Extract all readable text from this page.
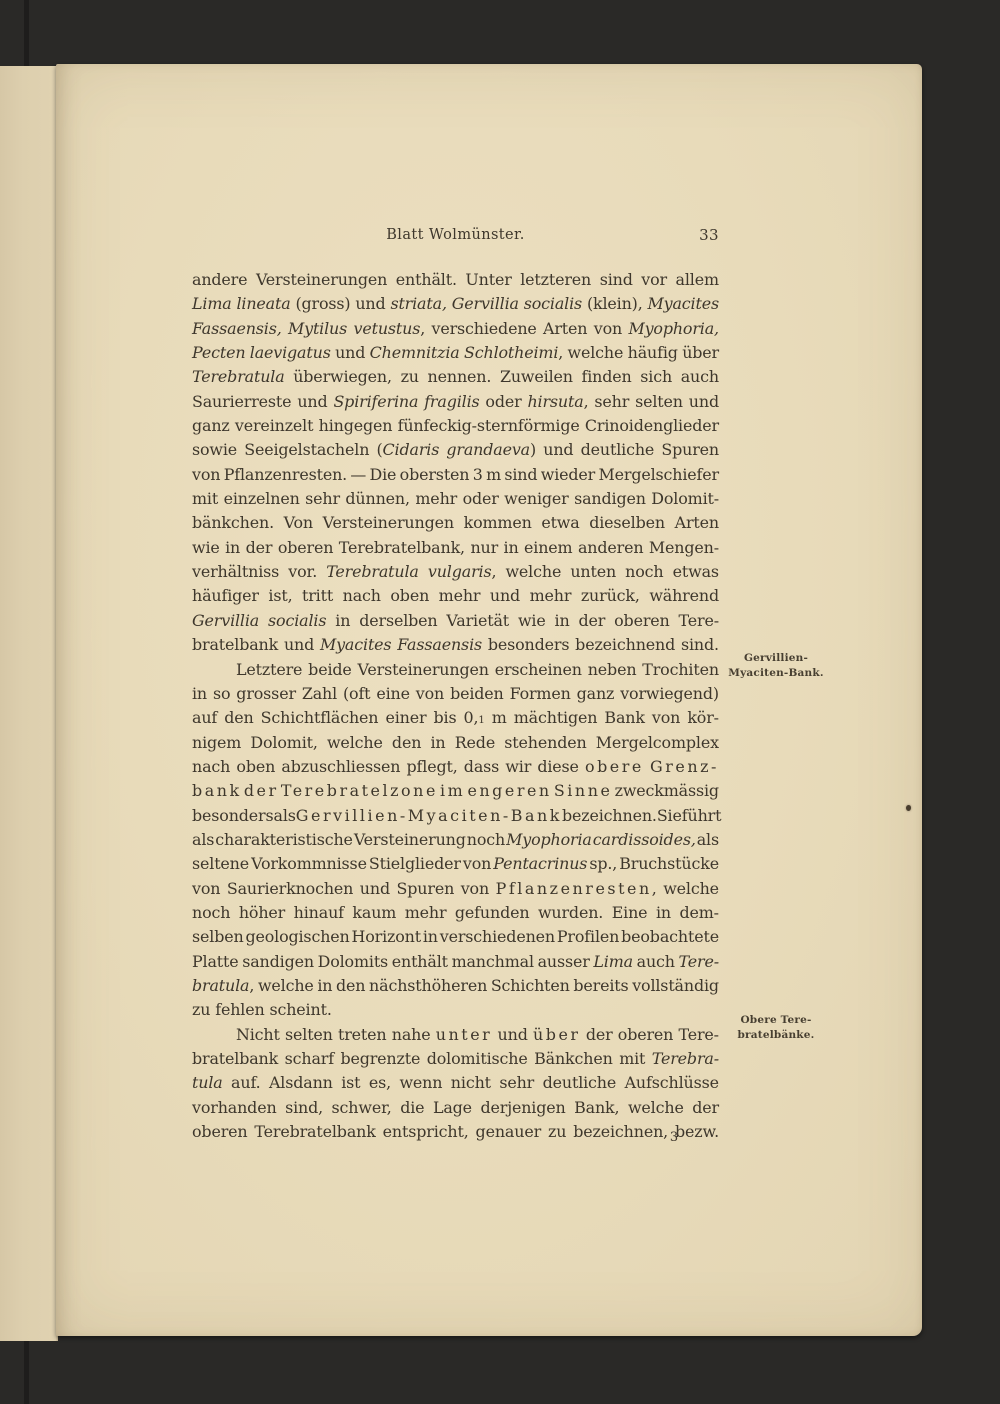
Blatt Wolmünster.	33
andere Versteinerungen enthält. Unter letzteren sind vor allem
Lima lineata (gross) und striata, Gervillia socialis (klein), Myacites
Fassaensis, Mytilus vetustus, verschiedene Arten von Myophoria,
Pecten laevigatus und Chemnitzia Schlotheimi, welche häufig über
Terebratula überwiegen, zu nennen. Zuweilen finden sich auch
Saurierreste und Spiriferina fragilis oder hirsuta, sehr selten und
ganz vereinzelt hingegen fünfeckig-sternförmige Crinoidenglieder
sowie Seeigelstacheln (Cidaris grandaeva) und deutliche Spuren
von Pflanzenresten. — Die obersten 3 m sind wieder Mergelschiefer
mit einzelnen sehr dünnen, mehr oder weniger sandigen Dolomit-
bänkchen. Von Versteinerungen kommen etwa dieselben Arten
wie in der oberen Terebratelbank, nur in einem anderen Mengen-
verhältniss vor. Terebratula vulgaris, welche unten noch etwas
häufiger ist, tritt nach oben mehr und mehr zurück, während
Gervillia socialis in derselben Varietät wie in der oberen Tere-
bratelbank und Myacites Fassaensis besonders bezeichnend sind.
Letztere beide Versteinerungen erscheinen neben Trochiten
in so grosser Zahl (oft eine von beiden Formen ganz vorwiegend)
auf den Schichtflächen einer bis 0,1 m mächtigen Bank von kör-
nigem Dolomit, welche den in Rede stehenden Mergelcomplex
nach oben abzuschliessen pflegt, dass wir diese obere Grenz-
bank der Terebratelzone im engeren Sinne zweckmässig
besonders als Gervillien- Myaciten-Bank bezeichnen. Sie führt
als charakteristische Versteinerung noch Myophoria cardissoides, als
seltene Vorkommnisse Stielglieder von Pentacrinus sp., Bruchstücke
von Saurierknochen und Spuren von Pflanzenresten, welche
noch höher hinauf kaum mehr gefunden wurden. Eine in dem-
selben geologischen Horizont in verschiedenen Profilen beobachtete
Platte sandigen Dolomits enthält manchmal ausser Lima auch Tere-
bratula, welche in den nächsthöheren Schichten bereits vollständig
zu fehlen scheint.
Nicht selten treten nahe unter und über der oberen Tere-
bratelbank scharf begrenzte dolomitische Bänkchen mit Terebra-
tula auf. Alsdann ist es, wenn nicht sehr deutliche Aufschlüsse
vorhanden sind, schwer, die Lage derjenigen Bank, welche der
oberen Terebratelbank entspricht, genauer zu bezeichnen, bezw.
Gervillien-
Myaciten-Bank.
Obere Tere-
bratelbänke.
3
